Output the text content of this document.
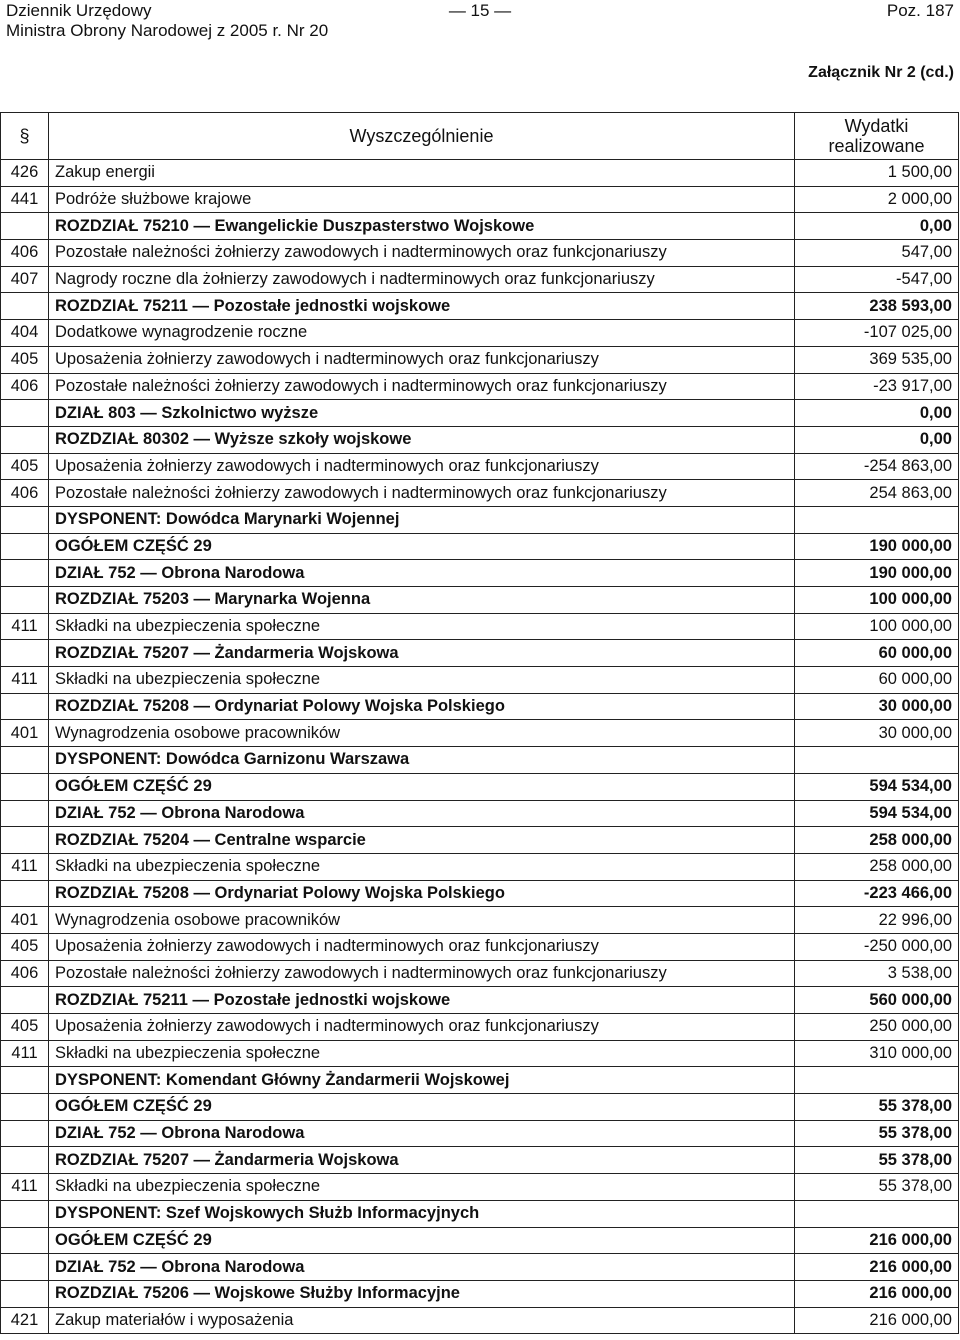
Dziennik Urzędowy
Ministra Obrony Narodowej z 2005 r. Nr 20
— 15 —	Poz. 187
Załącznik Nr 2 (cd.)
§	Wyszczególnienie	Wydatki
realizowane
426	Zakup energii	1 500,00
441	Podróże służbowe krajowe	2 000,00
	ROZDZIAŁ 75210 — Ewangelickie Duszpasterstwo Wojskowe	0,00
406	Pozostałe należności żołnierzy zawodowych i nadterminowych oraz funkcjonariuszy	547,00
407	Nagrody roczne dla żołnierzy zawodowych i nadterminowych oraz funkcjonariuszy	-547,00
	ROZDZIAŁ 75211 — Pozostałe jednostki wojskowe	238 593,00
404	Dodatkowe wynagrodzenie roczne	-107 025,00
405	Uposażenia żołnierzy zawodowych i nadterminowych oraz funkcjonariuszy	369 535,00
406	Pozostałe należności żołnierzy zawodowych i nadterminowych oraz funkcjonariuszy	-23 917,00
	DZIAŁ 803 — Szkolnictwo wyższe	0,00
	ROZDZIAŁ 80302 — Wyższe szkoły wojskowe	0,00
405	Uposażenia żołnierzy zawodowych i nadterminowych oraz funkcjonariuszy	-254 863,00
406	Pozostałe należności żołnierzy zawodowych i nadterminowych oraz funkcjonariuszy	254 863,00
	DYSPONENT: Dowódca Marynarki Wojennej	
	OGÓŁEM CZĘŚĆ 29	190 000,00
	DZIAŁ 752 — Obrona Narodowa	190 000,00
	ROZDZIAŁ 75203 — Marynarka Wojenna	100 000,00
411	Składki na ubezpieczenia społeczne	100 000,00
	ROZDZIAŁ 75207 — Żandarmeria Wojskowa	60 000,00
411	Składki na ubezpieczenia społeczne	60 000,00
	ROZDZIAŁ 75208 — Ordynariat Polowy Wojska Polskiego	30 000,00
401	Wynagrodzenia osobowe pracowników	30 000,00
	DYSPONENT: Dowódca Garnizonu Warszawa	
	OGÓŁEM CZĘŚĆ 29	594 534,00
	DZIAŁ 752 — Obrona Narodowa	594 534,00
	ROZDZIAŁ 75204 — Centralne wsparcie	258 000,00
411	Składki na ubezpieczenia społeczne	258 000,00
	ROZDZIAŁ 75208 — Ordynariat Polowy Wojska Polskiego	-223 466,00
401	Wynagrodzenia osobowe pracowników	22 996,00
405	Uposażenia żołnierzy zawodowych i nadterminowych oraz funkcjonariuszy	-250 000,00
406	Pozostałe należności żołnierzy zawodowych i nadterminowych oraz funkcjonariuszy	3 538,00
	ROZDZIAŁ 75211 — Pozostałe jednostki wojskowe	560 000,00
405	Uposażenia żołnierzy zawodowych i nadterminowych oraz funkcjonariuszy	250 000,00
411	Składki na ubezpieczenia społeczne	310 000,00
	DYSPONENT: Komendant Główny Żandarmerii Wojskowej	
	OGÓŁEM CZĘŚĆ 29	55 378,00
	DZIAŁ 752 — Obrona Narodowa	55 378,00
	ROZDZIAŁ 75207 — Żandarmeria Wojskowa	55 378,00
411	Składki na ubezpieczenia społeczne	55 378,00
	DYSPONENT: Szef Wojskowych Służb Informacyjnych	
	OGÓŁEM CZĘŚĆ 29	216 000,00
	DZIAŁ 752 — Obrona Narodowa	216 000,00
	ROZDZIAŁ 75206 — Wojskowe Służby Informacyjne	216 000,00
421	Zakup materiałów i wyposażenia	216 000,00
